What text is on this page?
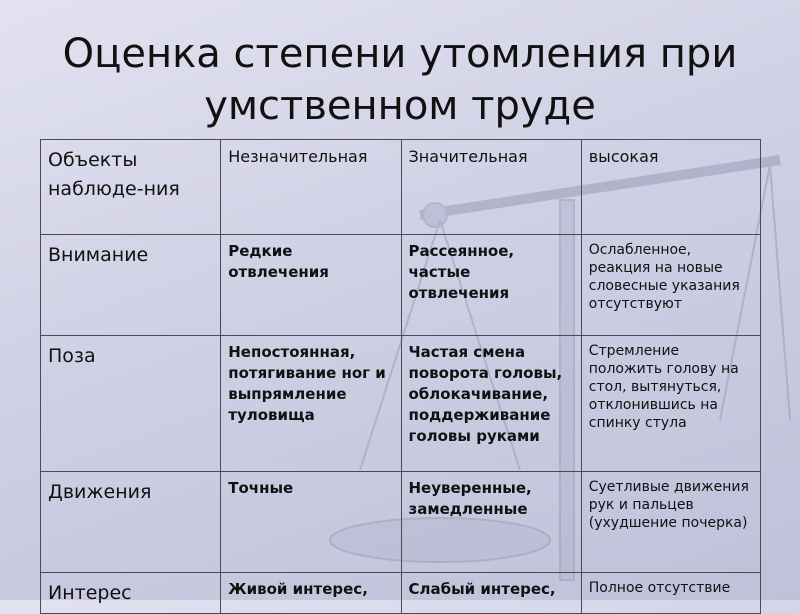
Оценка степени утомления при
умственном труде
Объекты наблюде-ния	Незначительная	Значительная	высокая
Внимание	Редкие отвлечения	Рассеянное, частые отвлечения	Ослабленное, реакция на новые словесные указания отсутствуют
Поза	Непостоянная, потягивание ног и выпрямление туловища	Частая смена поворота головы, облокачивание, поддерживание головы руками	Стремление положить голову на стол, вытянуться, отклонившись на спинку стула
Движения	Точные	Неуверенные, замедленные	Суетливые движения рук и пальцев (ухудшение почерка)
Интерес	Живой интерес,	Слабый интерес,	Полное отсутствие
